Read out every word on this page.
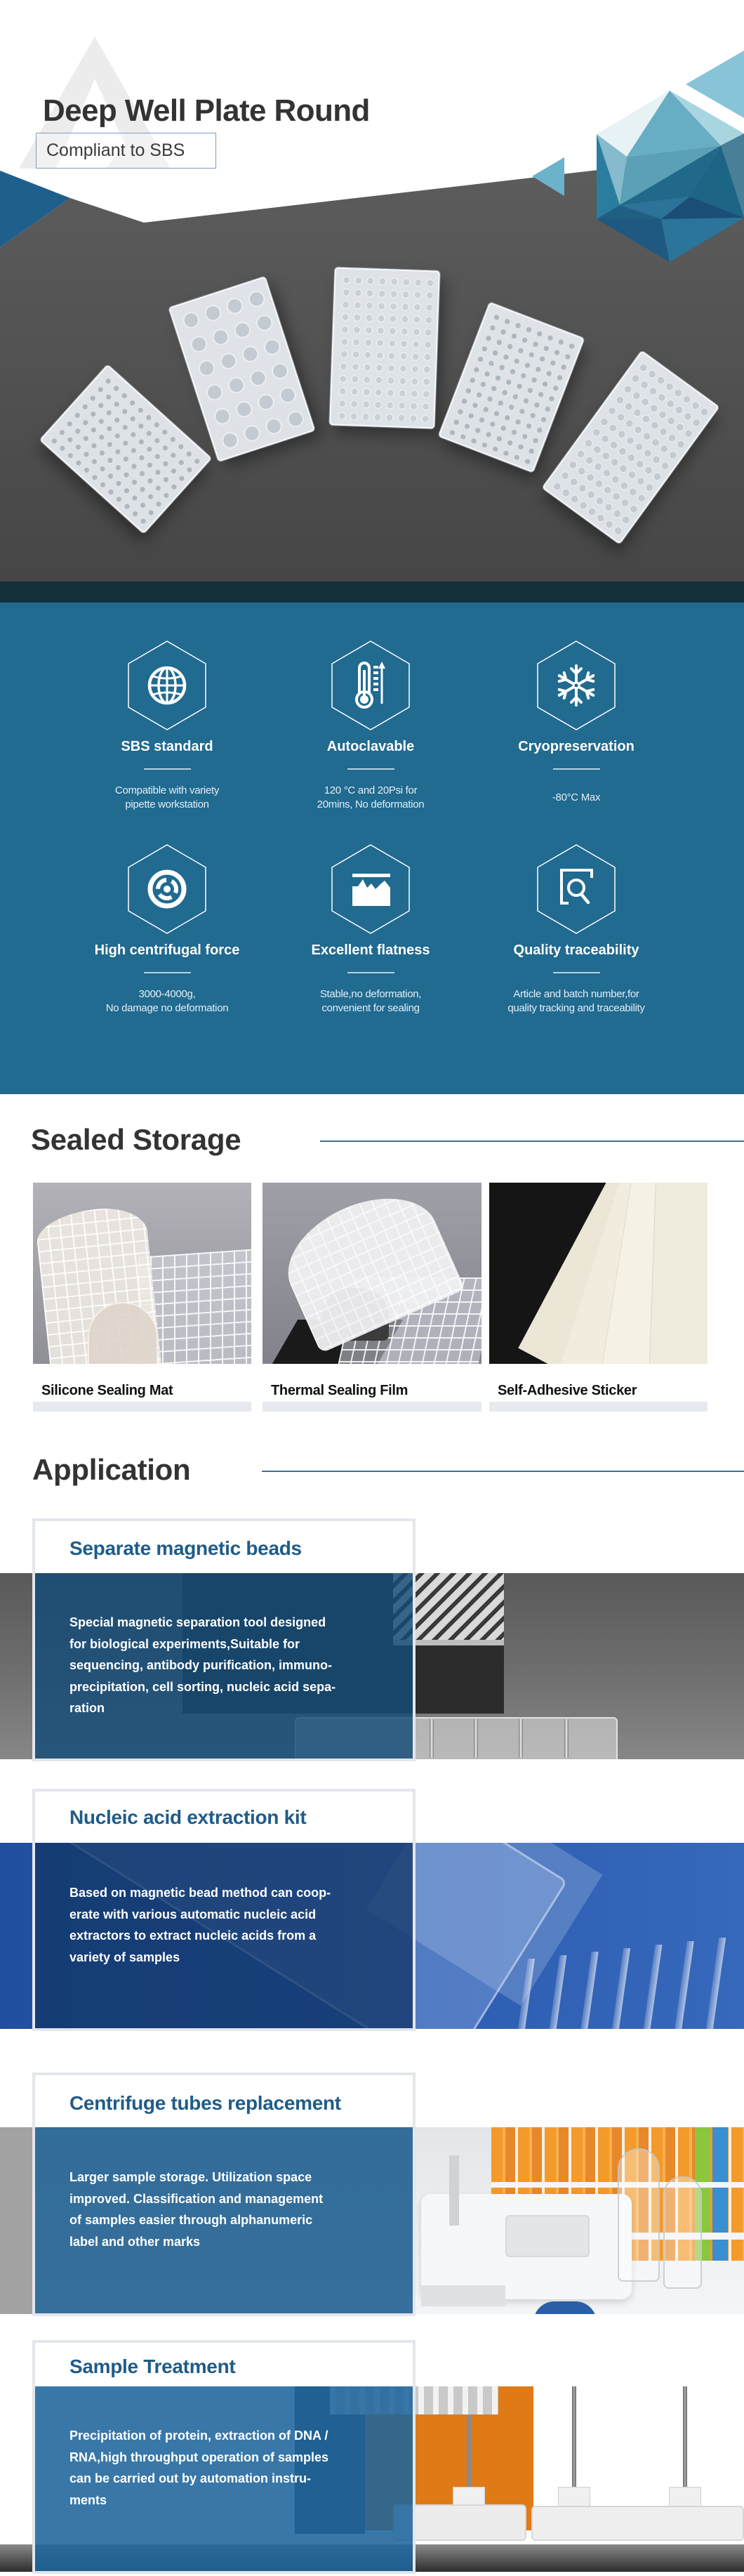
Deep Well Plate Round
Compliant to SBS
SBS standard
Compatible with variety
pipette workstation
Autoclavable
120 °C and 20Psi for
20mins, No deformation
Cryopreservation
-80°C Max
High centrifugal force
3000-4000g,
No damage no deformation
Excellent flatness
Stable,no deformation,
convenient for sealing
Quality traceability
Article and batch number,for
quality tracking and traceability
Sealed Storage
Silicone Sealing Mat	Thermal Sealing Film	Self-Adhesive Sticker
Application
Separate magnetic beads
Special magnetic separation tool designed
for biological experiments,Suitable for
sequencing, antibody purification, immuno-
precipitation, cell sorting, nucleic acid sepa-
ration
Nucleic acid extraction kit
Based on magnetic bead method can coop-
erate with various automatic nucleic acid
extractors to extract nucleic acids from a
variety of samples
Centrifuge tubes replacement
Larger sample storage. Utilization space
improved. Classification and management
of samples easier through alphanumeric
label and other marks
Sample Treatment
Precipitation of protein, extraction of DNA /
RNA,high throughput operation of samples
can be carried out by automation instru-
ments
